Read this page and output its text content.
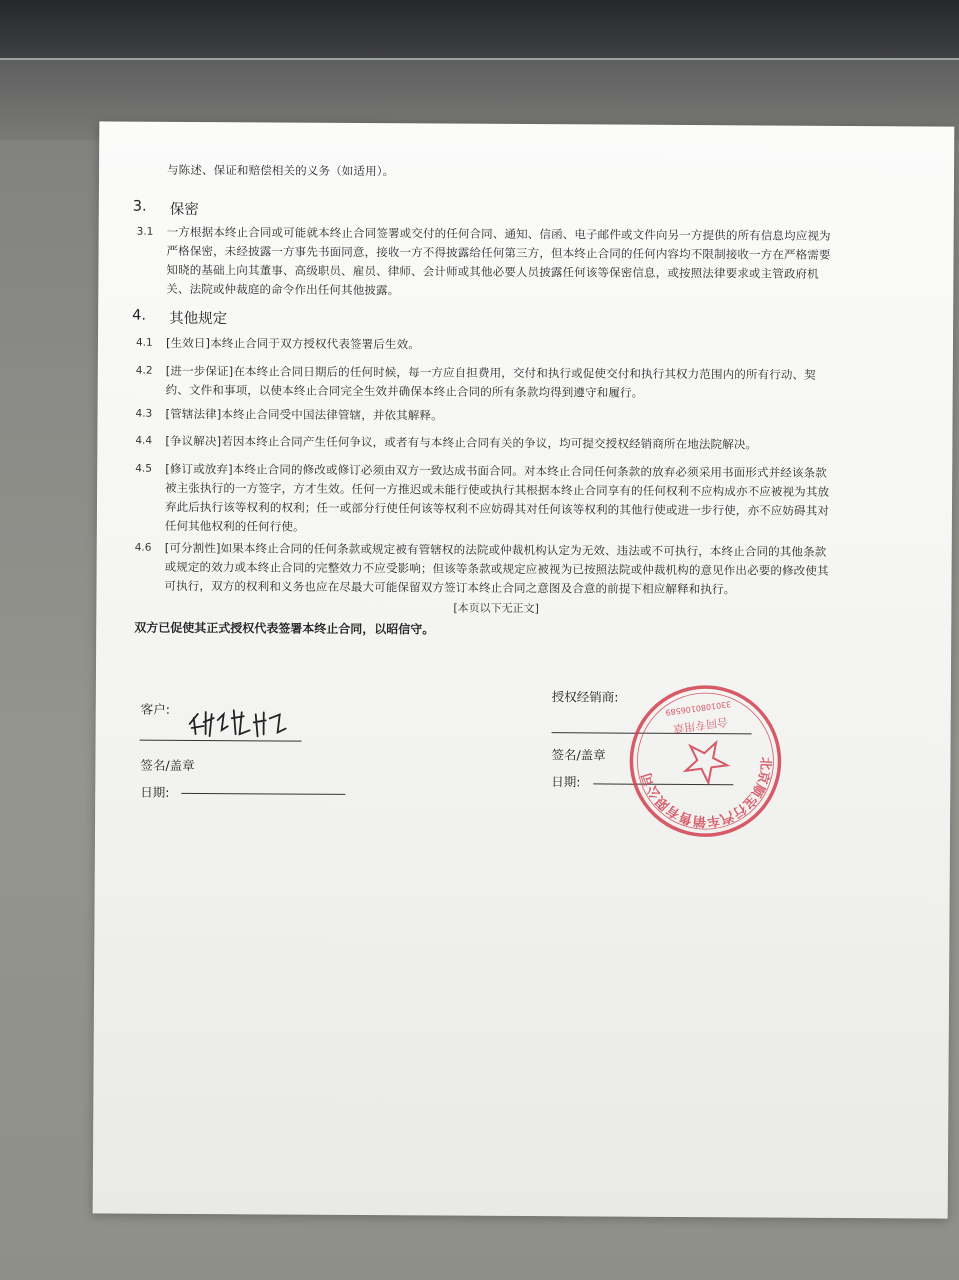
与陈述、保证和赔偿相关的义务（如适用）。
3. 保密
3.1 一方根据本终止合同或可能就本终止合同签署或交付的任何合同、通知、信函、电子邮件或文件向另一方提供的所有信息均应视为
严格保密，未经披露一方事先书面同意，接收一方不得披露给任何第三方，但本终止合同的任何内容均不限制接收一方在严格需要
知晓的基础上向其董事、高级职员、雇员、律师、会计师或其他必要人员披露任何该等保密信息，或按照法律要求或主管政府机
关、法院或仲裁庭的命令作出任何其他披露。
4. 其他规定
4.1 [生效日]本终止合同于双方授权代表签署后生效。
4.2 [进一步保证]在本终止合同日期后的任何时候，每一方应自担费用，交付和执行或促使交付和执行其权力范围内的所有行动、契
约、文件和事项，以使本终止合同完全生效并确保本终止合同的所有条款均得到遵守和履行。
4.3 [管辖法律]本终止合同受中国法律管辖，并依其解释。
4.4 [争议解决]若因本终止合同产生任何争议，或者有与本终止合同有关的争议，均可提交授权经销商所在地法院解决。
4.5 [修订或放弃]本终止合同的修改或修订必须由双方一致达成书面合同。对本终止合同任何条款的放弃必须采用书面形式并经该条款
被主张执行的一方签字，方才生效。任何一方推迟或未能行使或执行其根据本终止合同享有的任何权利不应构成亦不应被视为其放
弃此后执行该等权利的权利；任一或部分行使任何该等权利不应妨碍其对任何该等权利的其他行使或进一步行使，亦不应妨碍其对
任何其他权利的任何行使。
4.6 [可分割性]如果本终止合同的任何条款或规定被有管辖权的法院或仲裁机构认定为无效、违法或不可执行，本终止合同的其他条款
或规定的效力或本终止合同的完整效力不应受影响；但该等条款或规定应被视为已按照法院或仲裁机构的意见作出必要的修改使其
可执行，双方的权利和义务也应在尽最大可能保留双方签订本终止合同之意图及合意的前提下相应解释和执行。
[本页以下无正文]
双方已促使其正式授权代表签署本终止合同，以昭信守。
客户:
签名/盖章
日期:
授权经销商:
签名/盖章
日期:
北京顺宝行汽车销售有限公司
合同专用章
3301080106589
